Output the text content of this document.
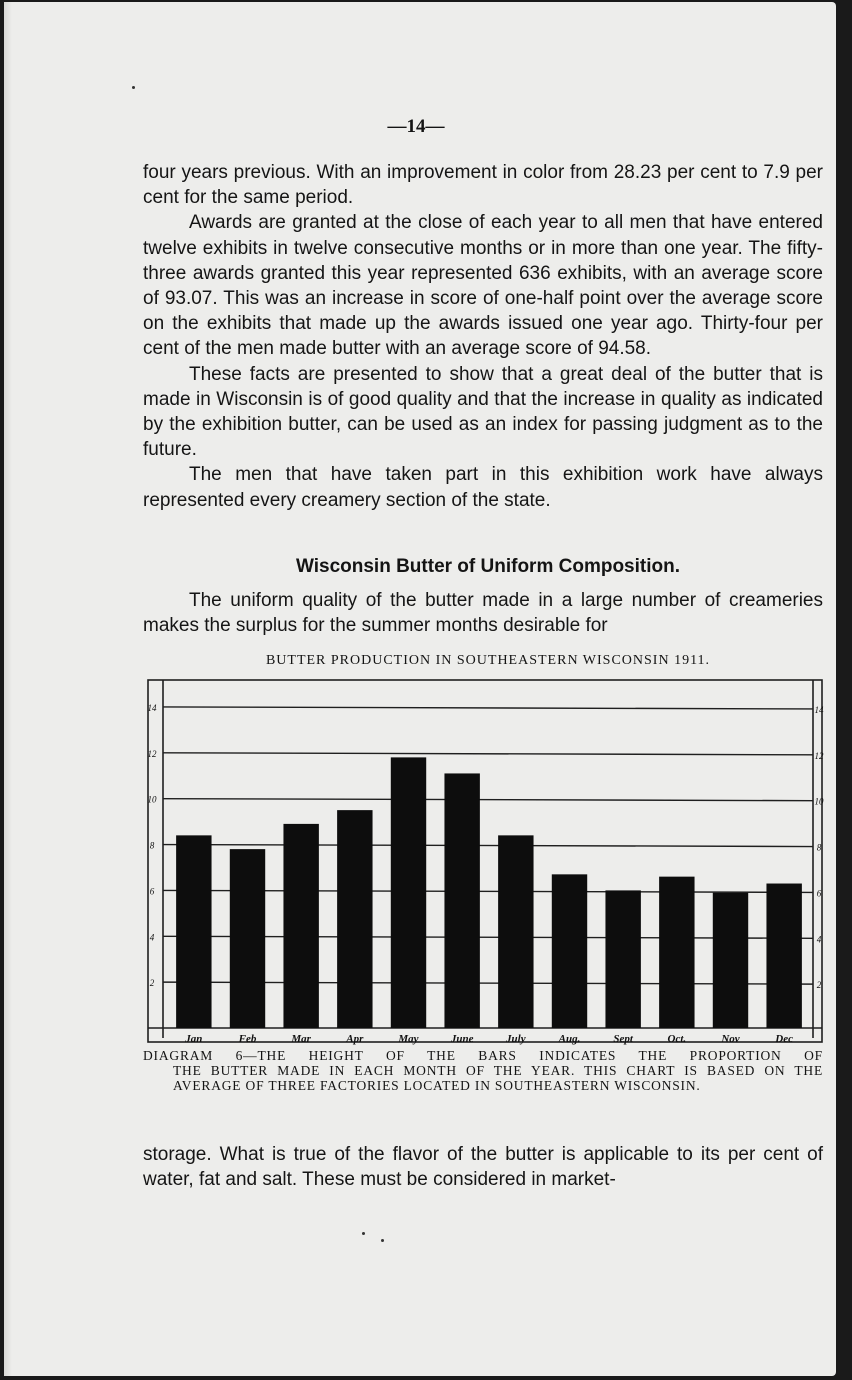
—14—

four years previous. With an improvement in color from 28.23 per cent to 7.9 per cent for the same period.

Awards are granted at the close of each year to all men that have entered twelve exhibits in twelve consecutive months or in more than one year. The fifty-three awards granted this year represented 636 exhibits, with an average score of 93.07. This was an increase in score of one-half point over the average score on the exhibits that made up the awards issued one year ago. Thirty-four per cent of the men made butter with an average score of 94.58.

These facts are presented to show that a great deal of the butter that is made in Wisconsin is of good quality and that the increase in quality as indicated by the exhibition butter, can be used as an index for passing judgment as to the future.

The men that have taken part in this exhibition work have always represented every creamery section of the state.

Wisconsin Butter of Uniform Composition.

The uniform quality of the butter made in a large number of creameries makes the surplus for the summer months desirable for

BUTTER PRODUCTION IN SOUTHEASTERN WISCONSIN 1911.
2	2
4	4
6	6
8	8
10	10
12	12
14	14
Jan	Feb	Mar	Apr	May	June	July	Aug.	Sept	Oct.	Nov	Dec
DIAGRAM 6—THE HEIGHT OF THE BARS INDICATES THE PROPORTION OF
THE BUTTER MADE IN EACH MONTH OF THE YEAR. THIS CHART IS BASED ON THE AVERAGE OF THREE FACTORIES LOCATED IN SOUTHEASTERN WISCONSIN.

storage. What is true of the flavor of the butter is applicable to its per cent of water, fat and salt. These must be considered in market-
